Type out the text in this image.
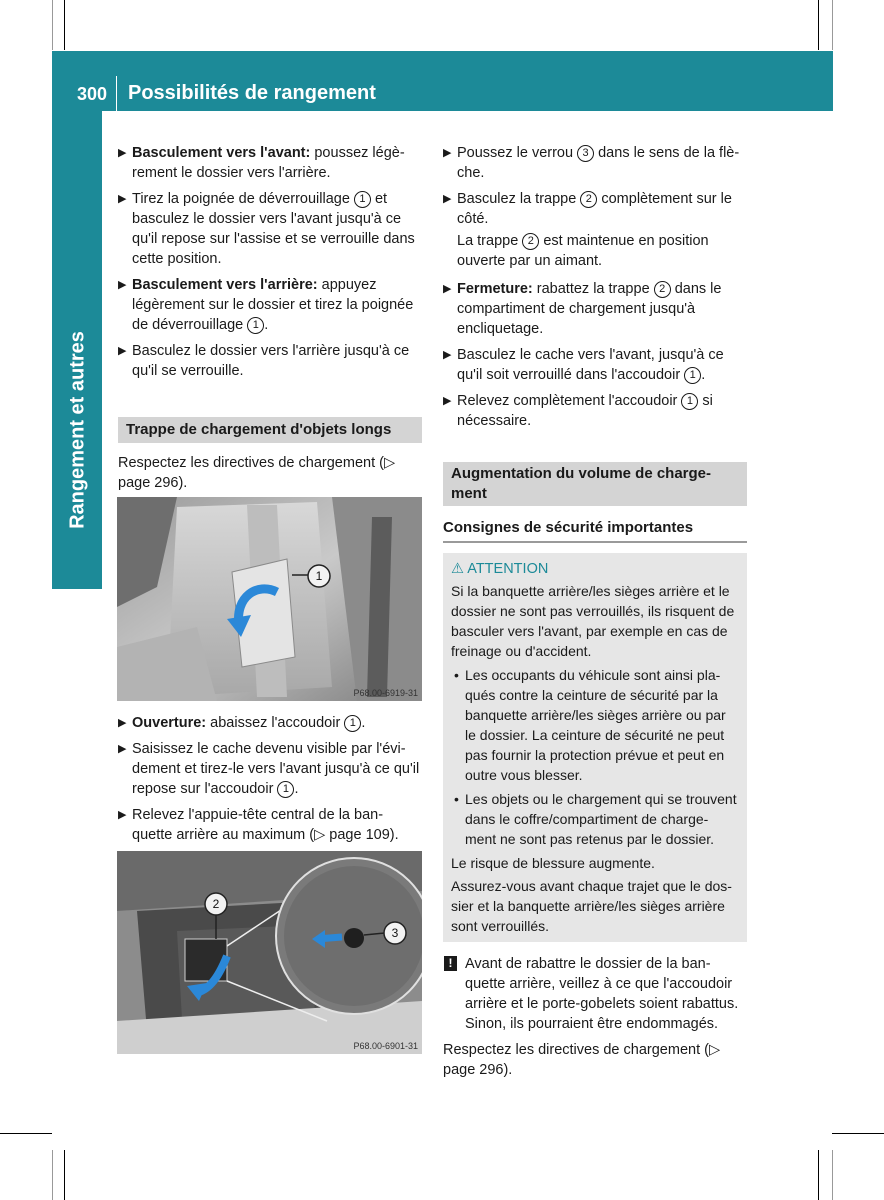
300 Possibilités de rangement
Rangement et autres
▶ Basculement vers l'avant: poussez légè- rement le dossier vers l'arrière.
▶ Tirez la poignée de déverrouillage 1 et basculez le dossier vers l'avant jusqu'à ce qu'il repose sur l'assise et se verrouille dans cette position.
▶ Basculement vers l'arrière: appuyez légèrement sur le dossier et tirez la poignée de déverrouillage 1 .
▶ Basculez le dossier vers l'arrière jusqu'à ce qu'il se verrouille.
Trappe de chargement d'objets longs
Respectez les directives de chargement (▷ page 296).
1
P68.00-6919-31
▶ Ouverture: abaissez l'accoudoir 1 .
▶ Saisissez le cache devenu visible par l'évi- dement et tirez-le vers l'avant jusqu'à ce qu'il repose sur l'accoudoir 1 .
▶ Relevez l'appuie-tête central de la ban- quette arrière au maximum (▷ page 109).
3
2
P68.00-6901-31
▶ Poussez le verrou 3 dans le sens de la flè- che.
▶ Basculez la trappe 2 complètement sur le côté.
La trappe 2 est maintenue en position ouverte par un aimant.
▶ Fermeture: rabattez la trappe 2 dans le compartiment de chargement jusqu'à encliquetage.
▶ Basculez le cache vers l'avant, jusqu'à ce qu'il soit verrouillé dans l'accoudoir 1 .
▶ Relevez complètement l'accoudoir 1 si nécessaire.
Augmentation du volume de charge- ment
Consignes de sécurité importantes
⚠ ATTENTION
Si la banquette arrière/les sièges arrière et le dossier ne sont pas verrouillés, ils risquent de basculer vers l'avant, par exemple en cas de freinage ou d'accident.
• Les occupants du véhicule sont ainsi pla- qués contre la ceinture de sécurité par la banquette arrière/les sièges arrière ou par le dossier. La ceinture de sécurité ne peut pas fournir la protection prévue et peut en outre vous blesser.
• Les objets ou le chargement qui se trouvent dans le coffre/compartiment de charge- ment ne sont pas retenus par le dossier.
Le risque de blessure augmente.
Assurez-vous avant chaque trajet que le dos- sier et la banquette arrière/les sièges arrière sont verrouillés.
! Avant de rabattre le dossier de la ban- quette arrière, veillez à ce que l'accoudoir arrière et le porte-gobelets soient rabattus. Sinon, ils pourraient être endommagés.
Respectez les directives de chargement (▷ page 296).
